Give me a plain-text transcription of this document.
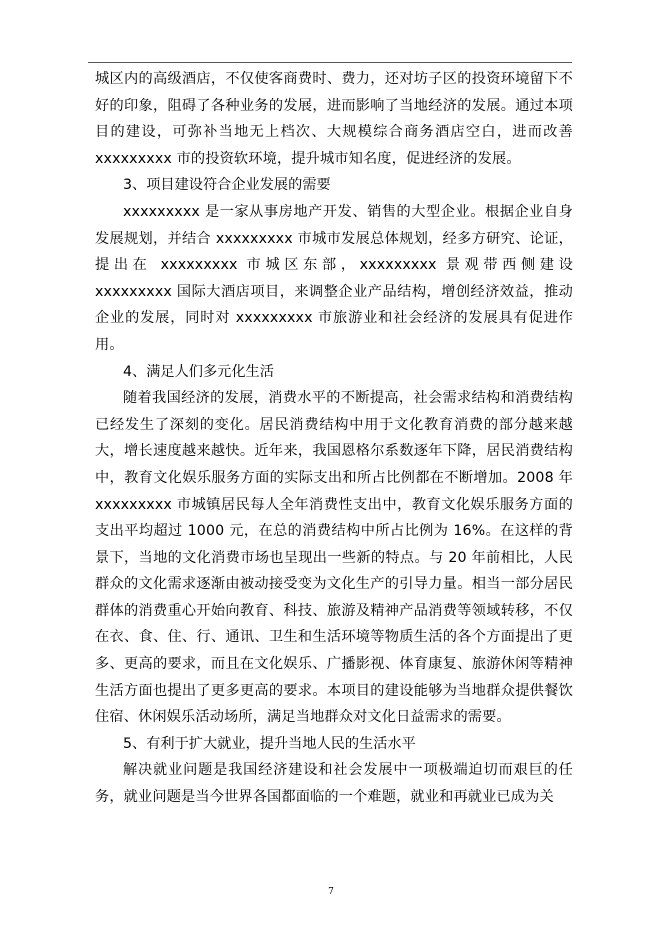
城区内的高级酒店，不仅使客商费时、费力，还对坊子区的投资环境留下不好的印象，阻碍了各种业务的发展，进而影响了当地经济的发展。通过本项目的建设，可弥补当地无上档次、大规模综合商务酒店空白，进而改善 xxxxxxxxx 市的投资软环境，提升城市知名度，促进经济的发展。

3、项目建设符合企业发展的需要

xxxxxxxxx 是一家从事房地产开发、销售的大型企业。根据企业自身发展规划，并结合 xxxxxxxxx 市城市发展总体规划，经多方研究、论证，提出在 xxxxxxxxx 市城区东部，xxxxxxxxx 景观带西侧建设 xxxxxxxxx 国际大酒店项目，来调整企业产品结构，增创经济效益，推动企业的发展，同时对 xxxxxxxxx 市旅游业和社会经济的发展具有促进作用。

4、满足人们多元化生活

随着我国经济的发展，消费水平的不断提高，社会需求结构和消费结构已经发生了深刻的变化。居民消费结构中用于文化教育消费的部分越来越大，增长速度越来越快。近年来，我国恩格尔系数逐年下降，居民消费结构中，教育文化娱乐服务方面的实际支出和所占比例都在不断增加。2008 年 xxxxxxxxx 市城镇居民每人全年消费性支出中，教育文化娱乐服务方面的支出平均超过 1000 元，在总的消费结构中所占比例为 16%。在这样的背景下，当地的文化消费市场也呈现出一些新的特点。与 20 年前相比，人民群众的文化需求逐渐由被动接受变为文化生产的引导力量。相当一部分居民群体的消费重心开始向教育、科技、旅游及精神产品消费等领域转移，不仅在衣、食、住、行、通讯、卫生和生活环境等物质生活的各个方面提出了更多、更高的要求，而且在文化娱乐、广播影视、体育康复、旅游休闲等精神生活方面也提出了更多更高的要求。本项目的建设能够为当地群众提供餐饮住宿、休闲娱乐活动场所，满足当地群众对文化日益需求的需要。

5、有利于扩大就业，提升当地人民的生活水平

解决就业问题是我国经济建设和社会发展中一项极端迫切而艰巨的任务，就业问题是当今世界各国都面临的一个难题，就业和再就业已成为关

7
